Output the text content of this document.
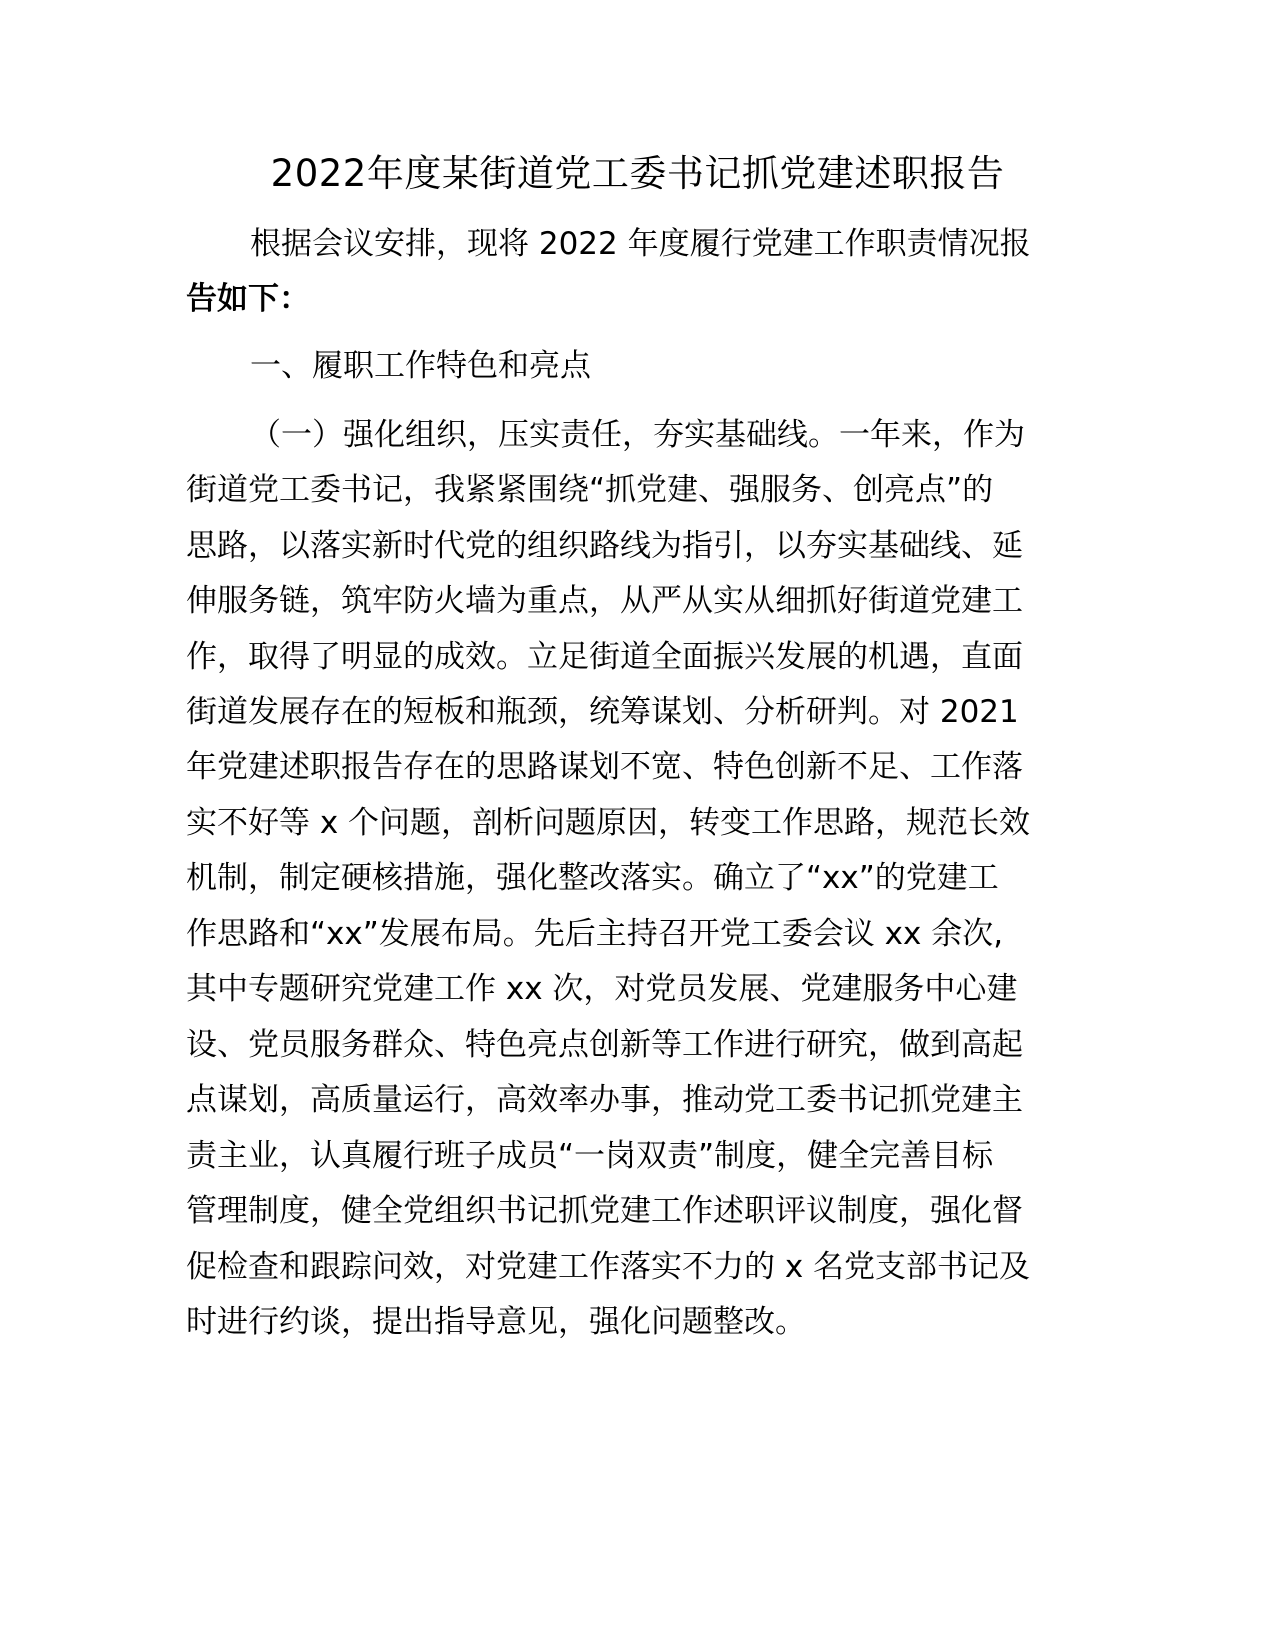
2022年度某街道党工委书记抓党建述职报告

根据会议安排，现将 2022 年度履行党建工作职责情况报

告如下：

一、履职工作特色和亮点

（一）强化组织，压实责任，夯实基础线。一年来，作为

街道党工委书记，我紧紧围绕“抓党建、强服务、创亮点”的

思路，以落实新时代党的组织路线为指引，以夯实基础线、延

伸服务链，筑牢防火墙为重点，从严从实从细抓好街道党建工

作，取得了明显的成效。立足街道全面振兴发展的机遇，直面

街道发展存在的短板和瓶颈，统筹谋划、分析研判。对 2021

年党建述职报告存在的思路谋划不宽、特色创新不足、工作落

实不好等 x 个问题，剖析问题原因，转变工作思路，规范长效

机制，制定硬核措施，强化整改落实。确立了“xx”的党建工

作思路和“xx”发展布局。先后主持召开党工委会议 xx 余次,

其中专题研究党建工作 xx 次，对党员发展、党建服务中心建

设、党员服务群众、特色亮点创新等工作进行研究，做到高起

点谋划，高质量运行，高效率办事，推动党工委书记抓党建主

责主业，认真履行班子成员“一岗双责”制度，健全完善目标

管理制度，健全党组织书记抓党建工作述职评议制度，强化督

促检查和跟踪问效，对党建工作落实不力的 x 名党支部书记及

时进行约谈，提出指导意见，强化问题整改。
